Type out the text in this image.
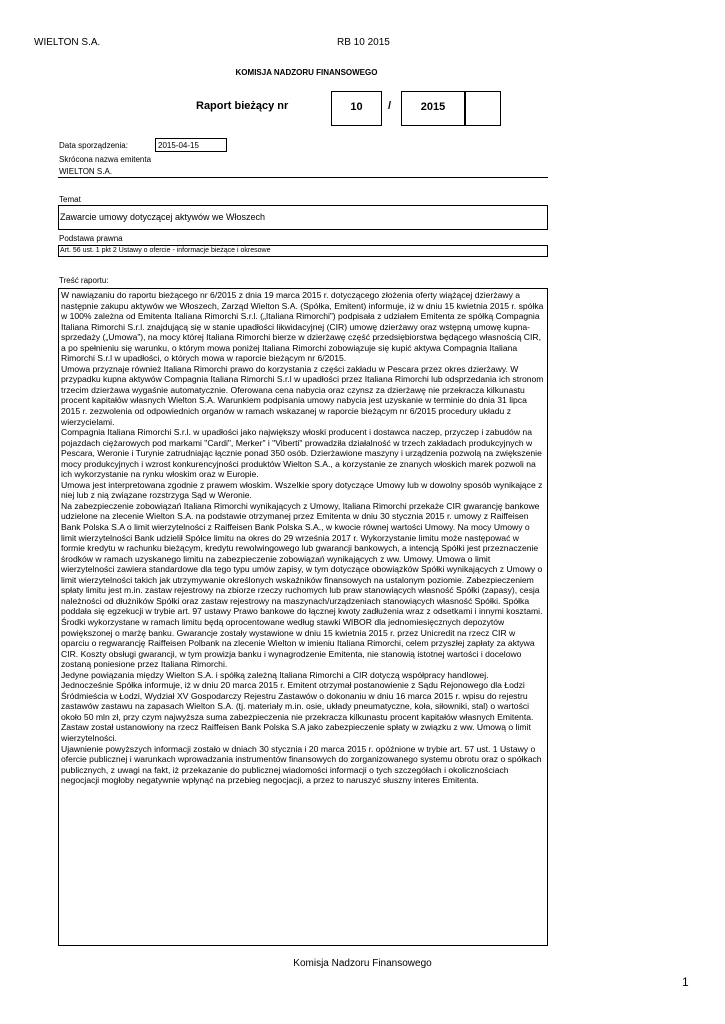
WIELTON S.A.	RB 10 2015
KOMISJA NADZORU FINANSOWEGO
Raport bieżący nr	10	/	2015
Data sporządzenia:	2015-04-15
Skrócona nazwa emitenta
WIELTON S.A.
Temat
Zawarcie umowy dotyczącej aktywów we Włoszech
Podstawa prawna
Art. 56 ust. 1 pkt 2 Ustawy o ofercie - informacje bieżące i okresowe
Treść raportu:

W nawiązaniu do raportu bieżącego nr 6/2015 z dnia 19 marca 2015 r. dotyczącego złożenia oferty wiążącej dzierżawy a następnie zakupu aktywów we Włoszech, Zarząd Wielton S.A. (Spółka, Emitent) informuje, iż w dniu 15 kwietnia 2015 r. spółka w 100% zależna od Emitenta Italiana Rimorchi S.r.l. („Italiana Rimorchi”) podpisała z udziałem Emitenta ze spółką Compagnia Italiana Rimorchi S.r.l. znajdującą się w stanie upadłości likwidacyjnej (CIR) umowę dzierżawy oraz wstępną umowę kupna-sprzedaży („Umowa”), na mocy której Italiana Rimorchi bierze w dzierżawę część przedsiębiorstwa będącego własnością CIR, a po spełnieniu się warunku, o którym mowa poniżej Italiana Rimorchi zobowiązuje się kupić aktywa Compagnia Italiana Rimorchi S.r.l w upadłości, o których mowa w raporcie bieżącym nr 6/2015.

Umowa przyznaje również Italiana Rimorchi prawo do korzystania z części zakładu w Pescara przez okres dzierżawy. W przypadku kupna aktywów Compagnia Italiana Rimorchi S.r.l w upadłości przez Italiana Rimorchi lub odsprzedania ich stronom trzecim dzierżawa wygaśnie automatycznie. Oferowana cena nabycia oraz czynsz za dzierżawę nie przekracza kilkunastu procent kapitałów własnych Wielton S.A. Warunkiem podpisania umowy nabycia jest uzyskanie w terminie do dnia 31 lipca 2015 r. zezwolenia od odpowiednich organów w ramach wskazanej w raporcie bieżącym nr 6/2015 procedury układu z wierzycielami.

Compagnia Italiana Rimorchi S.r.l. w upadłości jako największy włoski producent i dostawca naczep, przyczep i zabudów na pojazdach ciężarowych pod markami "Cardi", Merker" i "Viberti" prowadziła działalność w trzech zakładach produkcyjnych w Pescara, Weronie i Turynie zatrudniając łącznie ponad 350 osób. Dzierżawione maszyny i urządzenia pozwolą na zwiększenie mocy produkcyjnych i wzrost konkurencyjności produktów Wielton S.A., a korzystanie ze znanych włoskich marek pozwoli na ich wykorzystanie na rynku włoskim oraz w Europie.

Umowa jest interpretowana zgodnie z prawem włoskim. Wszelkie spory dotyczące Umowy lub w dowolny sposób wynikające z niej lub z nią związane rozstrzyga Sąd w Weronie.

Na zabezpieczenie zobowiązań Italiana Rimorchi wynikających z Umowy, Italiana Rimorchi przekaże CIR gwarancję bankowe udzielone na zlecenie Wielton S.A. na podstawie otrzymanej przez Emitenta w dniu 30 stycznia 2015 r. umowy z Raiffeisen Bank Polska S.A o limit wierzytelności z Raiffeisen Bank Polska S.A., w kwocie równej wartości Umowy. Na mocy Umowy o limit wierzytelności Bank udzielił Spółce limitu na okres do 29 września 2017 r. Wykorzystanie limitu może następować w formie kredytu w rachunku bieżącym, kredytu rewolwingowego lub gwarancji bankowych, a intencją Spółki jest przeznaczenie środków w ramach uzyskanego limitu na zabezpieczenie zobowiązań wynikających z ww. Umowy. Umowa o limit wierzytelności zawiera standardowe dla tego typu umów zapisy, w tym dotyczące obowiązków Spółki wynikających z Umowy o limit wierzytelności takich jak utrzymywanie określonych wskaźników finansowych na ustalonym poziomie. Zabezpieczeniem spłaty limitu jest m.in. zastaw rejestrowy na zbiorze rzeczy ruchomych lub praw stanowiących własność Spółki (zapasy), cesja należności od dłużników Spółki oraz zastaw rejestrowy na maszynach/urządzeniach stanowiących własność Spółki. Spółka poddała się egzekucji w trybie art. 97 ustawy Prawo bankowe do łącznej kwoty zadłużenia wraz z odsetkami i innymi kosztami. Środki wykorzystane w ramach limitu będą oprocentowane według stawki WIBOR dla jednomiesięcznych depozytów powiększonej o marżę banku. Gwarancje zostały wystawione w dniu 15 kwietnia 2015 r. przez Unicredit na rzecz CIR w oparciu o regwarancję Raiffeisen Polbank na zlecenie Wielton w imieniu Italiana Rimorchi, celem przyszłej zapłaty za aktywa CIR. Koszty obsługi gwarancji, w tym prowizja banku i wynagrodzenie Emitenta, nie stanowią istotnej wartości i docelowo zostaną poniesione przez Italiana Rimorchi.

Jedyne powiązania między Wielton S.A. i spółką zależną Italiana Rimorchi a CIR dotyczą współpracy handlowej.

Jednocześnie Spółka informuje, iż w dniu 20 marca 2015 r. Emitent otrzymał postanowienie z Sądu Rejonowego dla Łodzi Śródmieścia w Łodzi, Wydział XV Gospodarczy Rejestru Zastawów o dokonaniu w dniu 16 marca 2015 r. wpisu do rejestru zastawów zastawu na zapasach Wielton S.A. (tj. materiały m.in. osie, układy pneumatyczne, koła, siłowniki, stal) o wartości około 50 mln zł, przy czym najwyższa suma zabezpieczenia nie przekracza kilkunastu procent kapitałów własnych Emitenta. Zastaw został ustanowiony na rzecz Raiffeisen Bank Polska S.A jako zabezpieczenie spłaty w związku z ww. Umową o limit wierzytelności.

Ujawnienie powyższych informacji zostało w dniach 30 stycznia i 20 marca 2015 r. opóźnione w trybie art. 57 ust. 1 Ustawy o ofercie publicznej i warunkach wprowadzania instrumentów finansowych do zorganizowanego systemu obrotu oraz o spółkach publicznych, z uwagi na fakt, iż przekazanie do publicznej wiadomości informacji o tych szczegółach i okolicznościach negocjacji mogłoby negatywnie wpłynąć na przebieg negocjacji, a przez to naruszyć słuszny interes Emitenta.

Komisja Nadzoru Finansowego
1
